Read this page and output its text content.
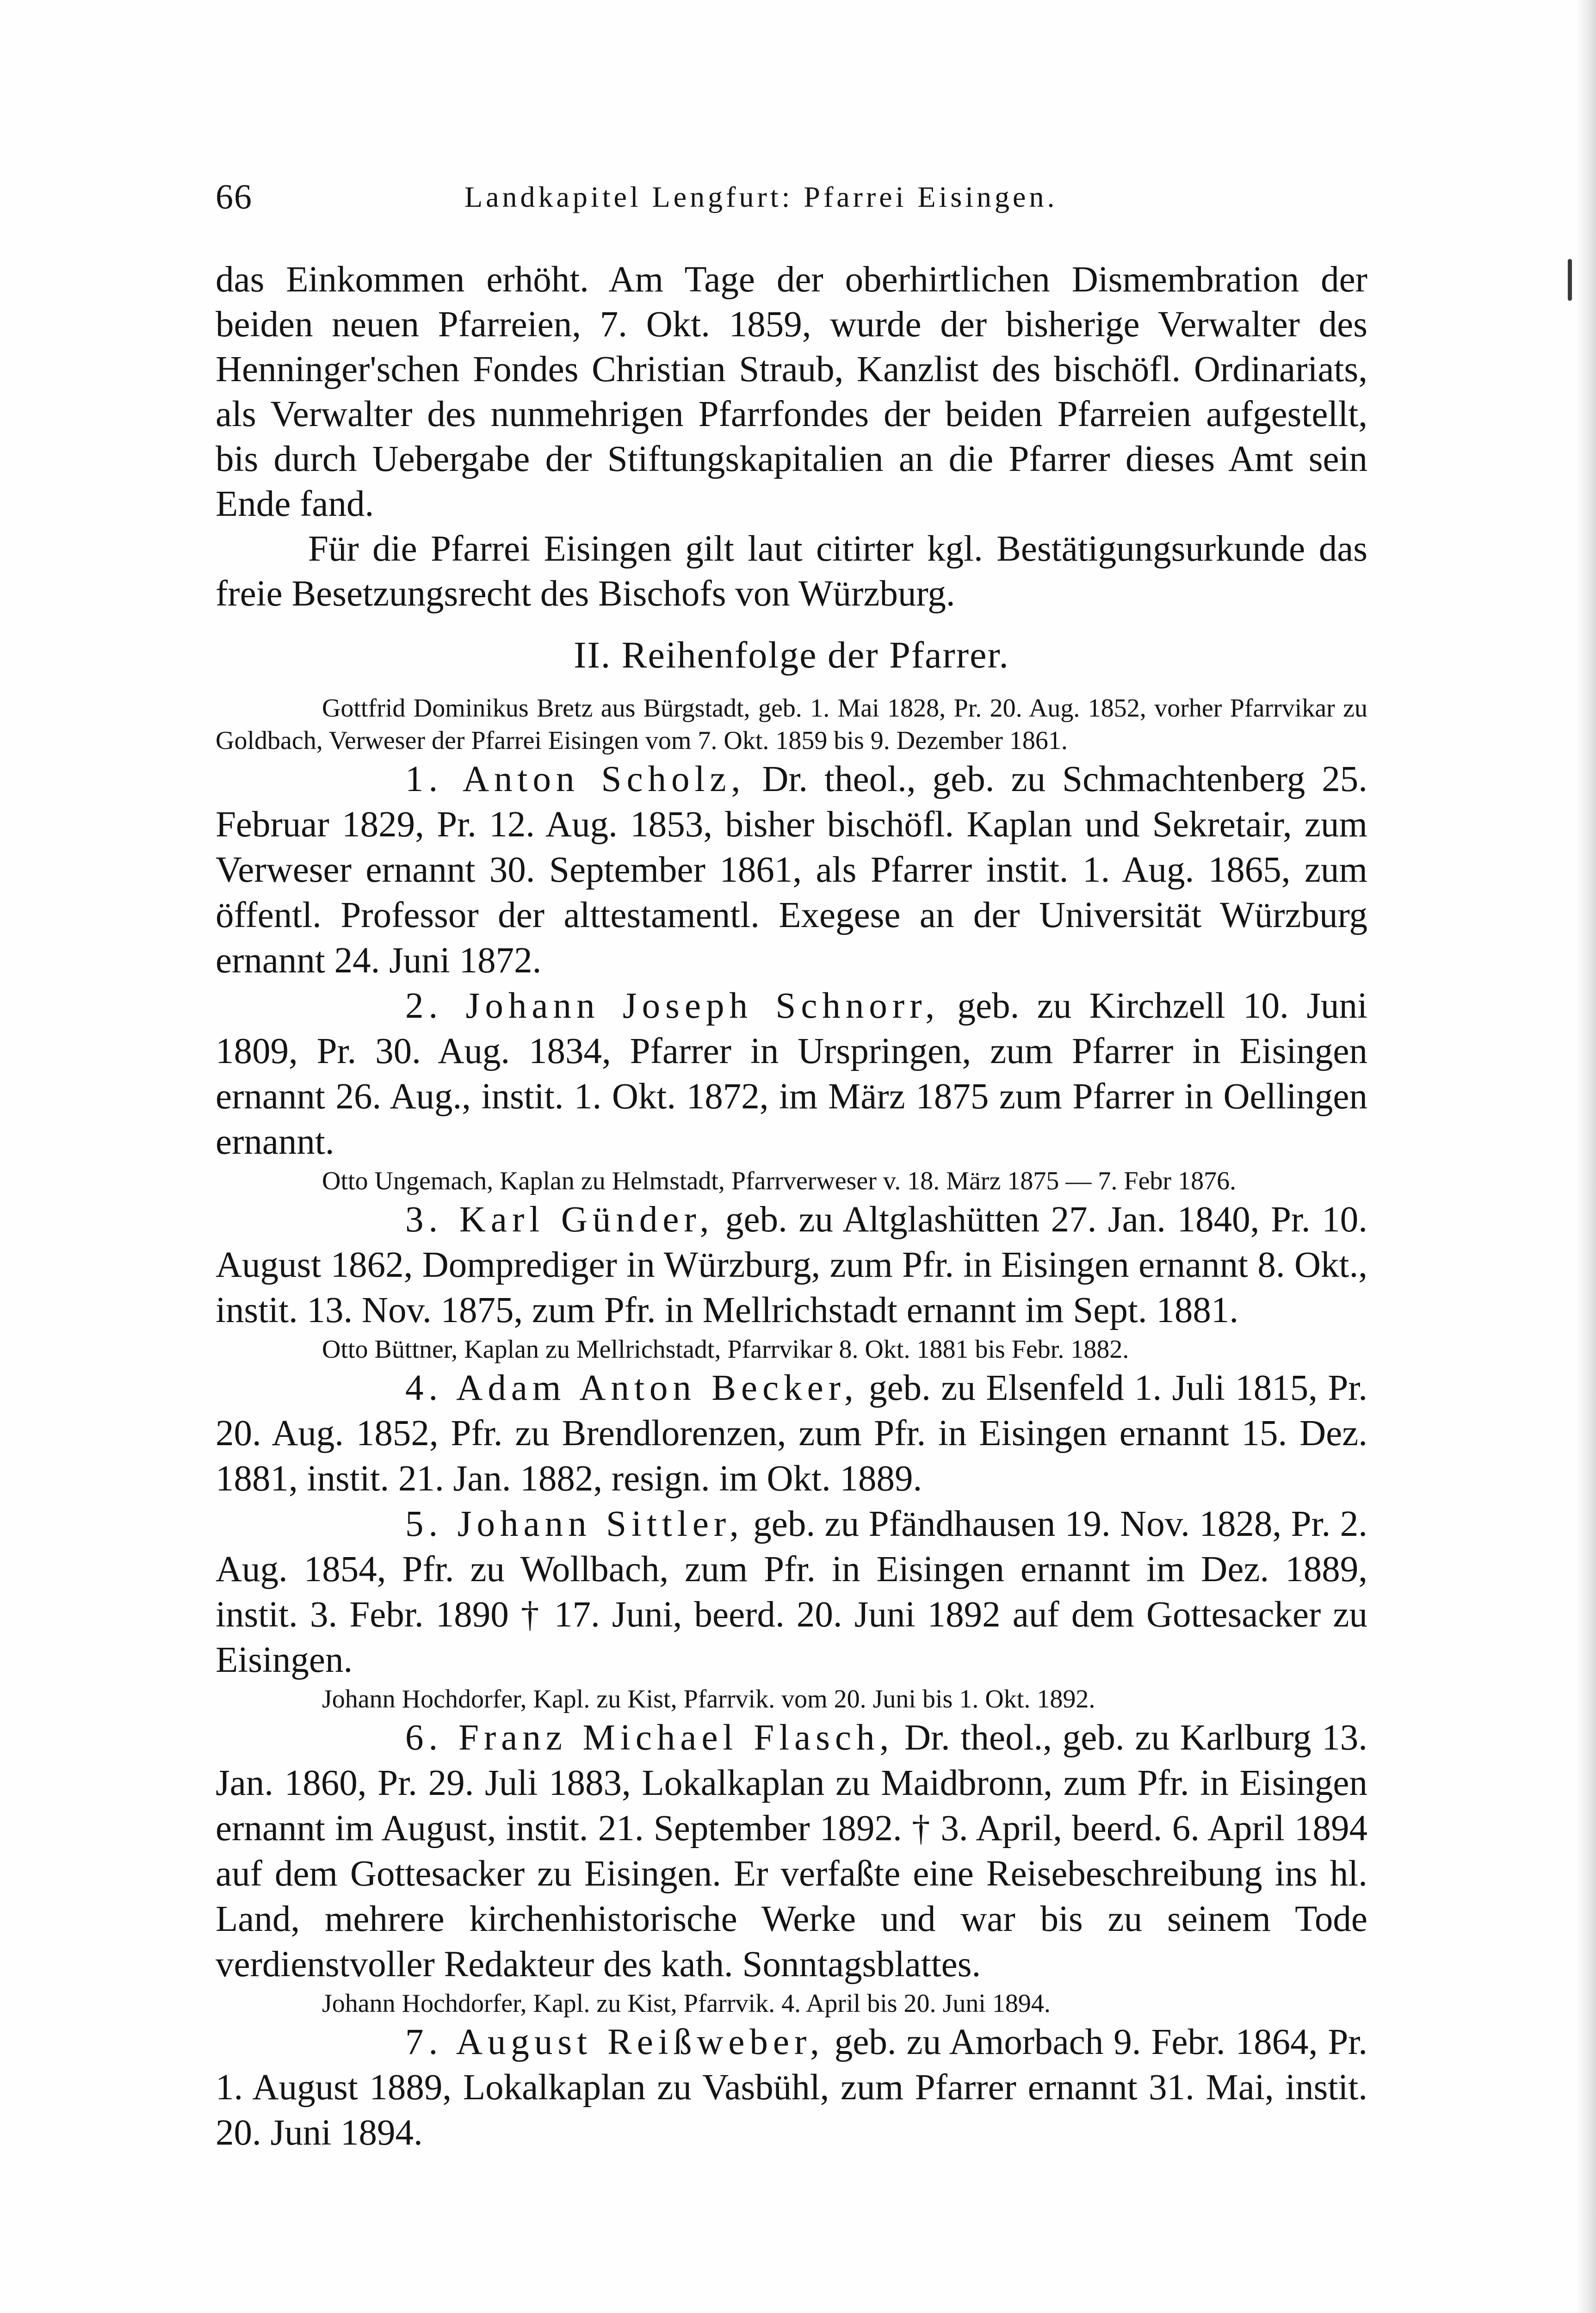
66	Landkapitel Lengfurt: Pfarrei Eisingen.

das Einkommen erhöht. Am Tage der oberhirtlichen Dismembration der beiden neuen Pfarreien, 7. Okt. 1859, wurde der bisherige Verwalter des Henninger'schen Fondes Christian Straub, Kanzlist des bischöfl. Ordinariats, als Verwalter des nunmehrigen Pfarrfondes der beiden Pfarreien aufgestellt, bis durch Uebergabe der Stiftungskapitalien an die Pfarrer dieses Amt sein Ende fand.

Für die Pfarrei Eisingen gilt laut citirter kgl. Bestätigungsurkunde das freie Besetzungsrecht des Bischofs von Würzburg.

II. Reihenfolge der Pfarrer.

Gottfrid Dominikus Bretz aus Bürgstadt, geb. 1. Mai 1828, Pr. 20. Aug. 1852, vorher Pfarrvikar zu Goldbach, Verweser der Pfarrei Eisingen vom 7. Okt. 1859 bis 9. Dezember 1861.

1. Anton Scholz, Dr. theol., geb. zu Schmachtenberg 25. Februar 1829, Pr. 12. Aug. 1853, bisher bischöfl. Kaplan und Sekretair, zum Verweser ernannt 30. September 1861, als Pfarrer instit. 1. Aug. 1865, zum öffentl. Professor der alttestamentl. Exegese an der Universität Würzburg ernannt 24. Juni 1872.

2. Johann Joseph Schnorr, geb. zu Kirchzell 10. Juni 1809, Pr. 30. Aug. 1834, Pfarrer in Urspringen, zum Pfarrer in Eisingen ernannt 26. Aug., instit. 1. Okt. 1872, im März 1875 zum Pfarrer in Oellingen ernannt.

Otto Ungemach, Kaplan zu Helmstadt, Pfarrverweser v. 18. März 1875 — 7. Febr 1876.

3. Karl Günder, geb. zu Altglashütten 27. Jan. 1840, Pr. 10. August 1862, Domprediger in Würzburg, zum Pfr. in Eisingen ernannt 8. Okt., instit. 13. Nov. 1875, zum Pfr. in Mellrichstadt ernannt im Sept. 1881.

Otto Büttner, Kaplan zu Mellrichstadt, Pfarrvikar 8. Okt. 1881 bis Febr. 1882.

4. Adam Anton Becker, geb. zu Elsenfeld 1. Juli 1815, Pr. 20. Aug. 1852, Pfr. zu Brendlorenzen, zum Pfr. in Eisingen ernannt 15. Dez. 1881, instit. 21. Jan. 1882, resign. im Okt. 1889.

5. Johann Sittler, geb. zu Pfändhausen 19. Nov. 1828, Pr. 2. Aug. 1854, Pfr. zu Wollbach, zum Pfr. in Eisingen ernannt im Dez. 1889, instit. 3. Febr. 1890 † 17. Juni, beerd. 20. Juni 1892 auf dem Gottesacker zu Eisingen.

Johann Hochdorfer, Kapl. zu Kist, Pfarrvik. vom 20. Juni bis 1. Okt. 1892.

6. Franz Michael Flasch, Dr. theol., geb. zu Karlburg 13. Jan. 1860, Pr. 29. Juli 1883, Lokalkaplan zu Maidbronn, zum Pfr. in Eisingen ernannt im August, instit. 21. September 1892. † 3. April, beerd. 6. April 1894 auf dem Gottesacker zu Eisingen. Er verfaßte eine Reisebeschreibung ins hl. Land, mehrere kirchenhistorische Werke und war bis zu seinem Tode verdienstvoller Redakteur des kath. Sonntagsblattes.

Johann Hochdorfer, Kapl. zu Kist, Pfarrvik. 4. April bis 20. Juni 1894.

7. August Reißweber, geb. zu Amorbach 9. Febr. 1864, Pr. 1. August 1889, Lokalkaplan zu Vasbühl, zum Pfarrer ernannt 31. Mai, instit. 20. Juni 1894.
